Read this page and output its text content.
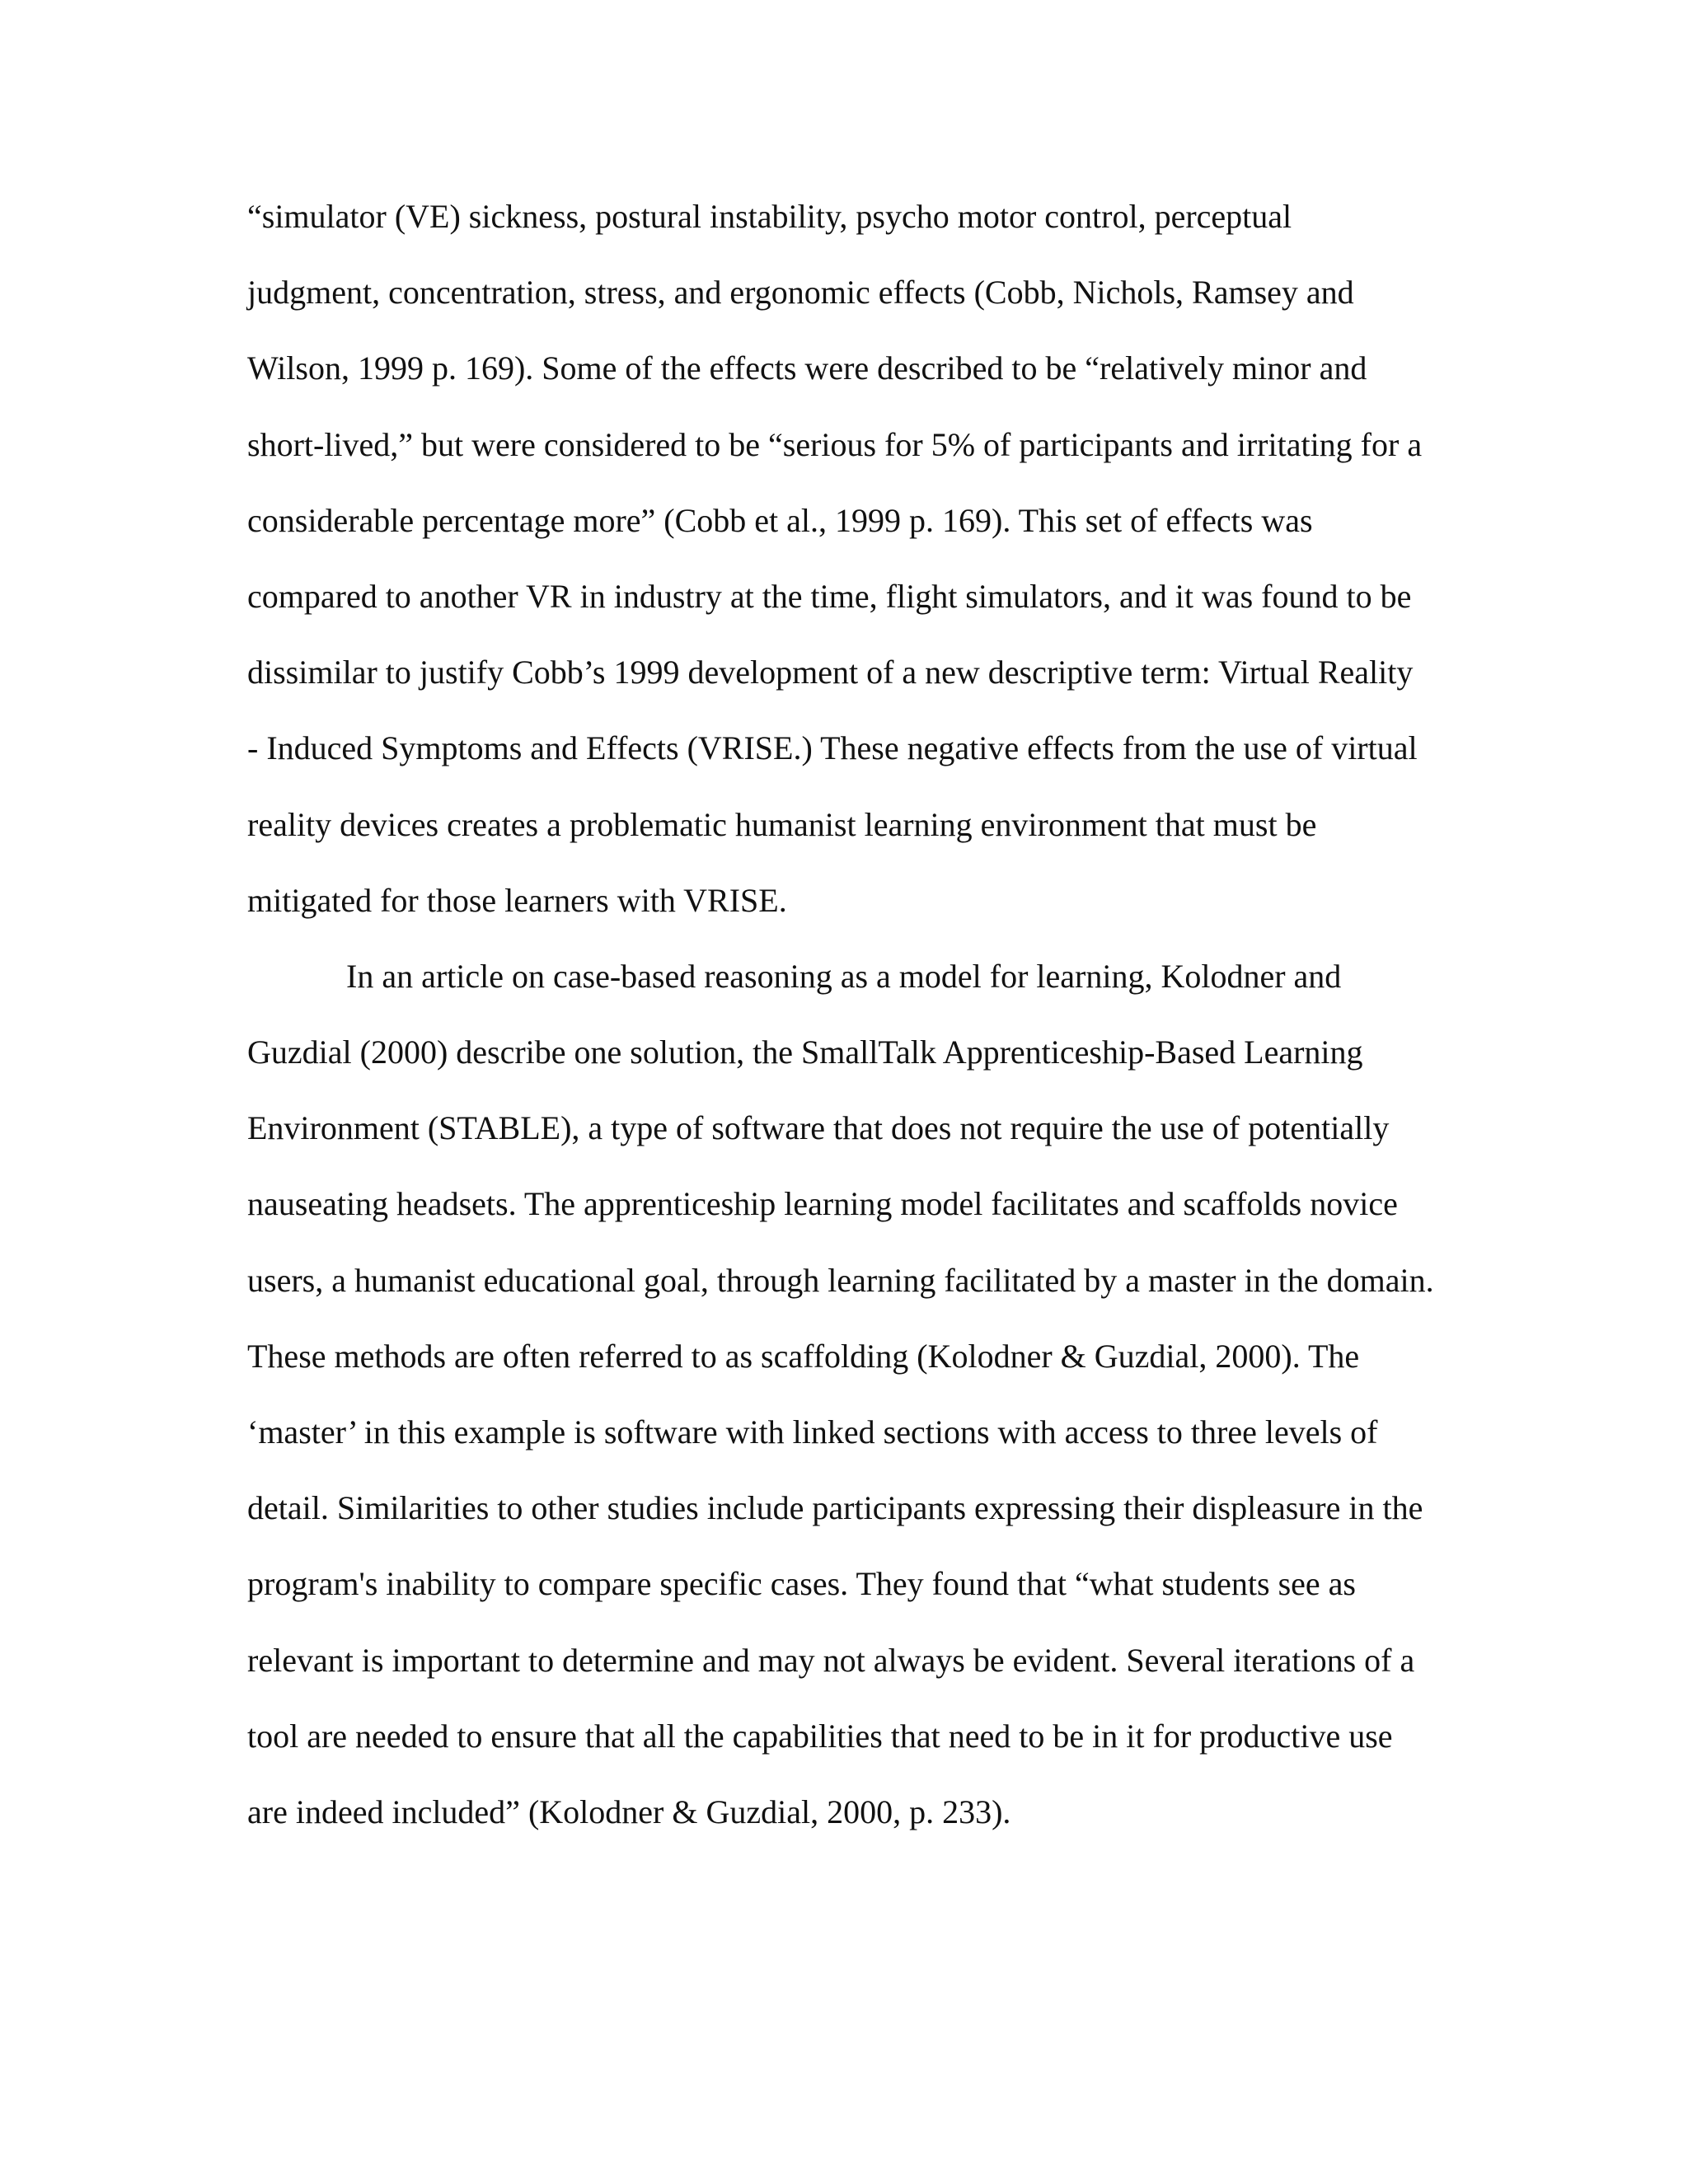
“simulator (VE) sickness, postural instability, psycho motor control, perceptual
judgment, concentration, stress, and ergonomic effects (Cobb, Nichols, Ramsey and
Wilson, 1999 p. 169). Some of the effects were described to be “relatively minor and
short-lived,” but were considered to be “serious for 5% of participants and irritating for a
considerable percentage more” (Cobb et al., 1999 p. 169). This set of effects was
compared to another VR in industry at the time, flight simulators, and it was found to be
dissimilar to justify Cobb’s 1999 development of a new descriptive term: Virtual Reality
- Induced Symptoms and Effects (VRISE.) These negative effects from the use of virtual
reality devices creates a problematic humanist learning environment that must be
mitigated for those learners with VRISE.
In an article on case-based reasoning as a model for learning, Kolodner and
Guzdial (2000) describe one solution, the SmallTalk Apprenticeship-Based Learning
Environment (STABLE), a type of software that does not require the use of potentially
nauseating headsets. The apprenticeship learning model facilitates and scaffolds novice
users, a humanist educational goal, through learning facilitated by a master in the domain.
These methods are often referred to as scaffolding (Kolodner & Guzdial, 2000). The
‘master’ in this example is software with linked sections with access to three levels of
detail. Similarities to other studies include participants expressing their displeasure in the
program's inability to compare specific cases. They found that “what students see as
relevant is important to determine and may not always be evident. Several iterations of a
tool are needed to ensure that all the capabilities that need to be in it for productive use
are indeed included” (Kolodner & Guzdial, 2000, p. 233).
